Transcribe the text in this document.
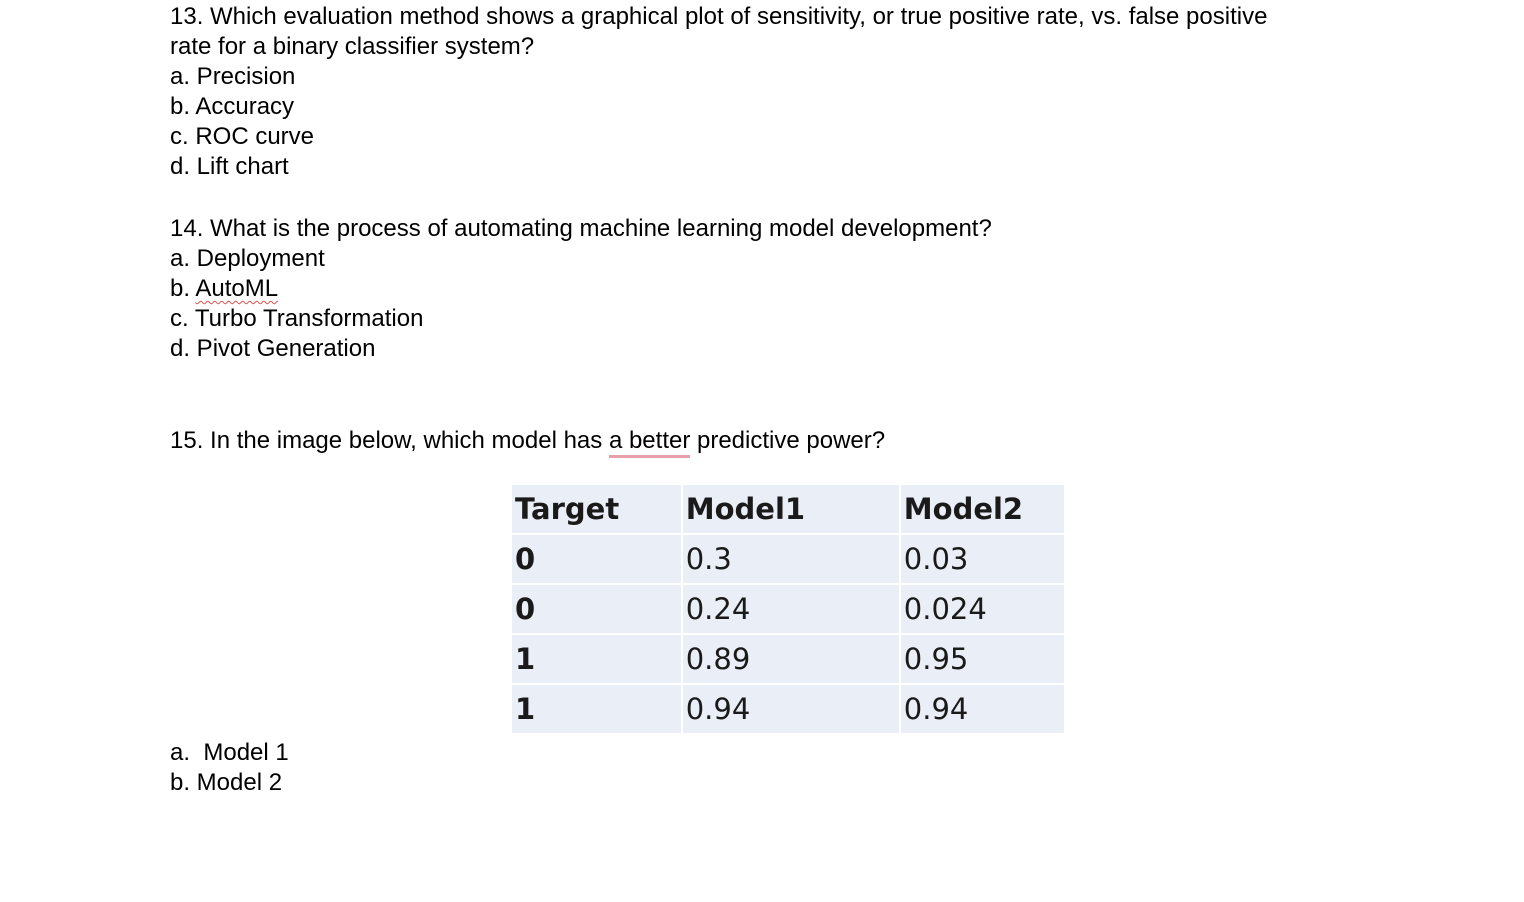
13. Which evaluation method shows a graphical plot of sensitivity, or true positive rate, vs. false positive
rate for a binary classifier system?
a. Precision
b. Accuracy
c. ROC curve
d. Lift chart
14. What is the process of automating machine learning model development?
a. Deployment
b. AutoML
c. Turbo Transformation
d. Pivot Generation
15. In the image below, which model has a better predictive power?
Target	Model1	Model2
0	0.3	0.03
0	0.24	0.024
1	0.89	0.95
1	0.94	0.94
a.  Model 1
b. Model 2
